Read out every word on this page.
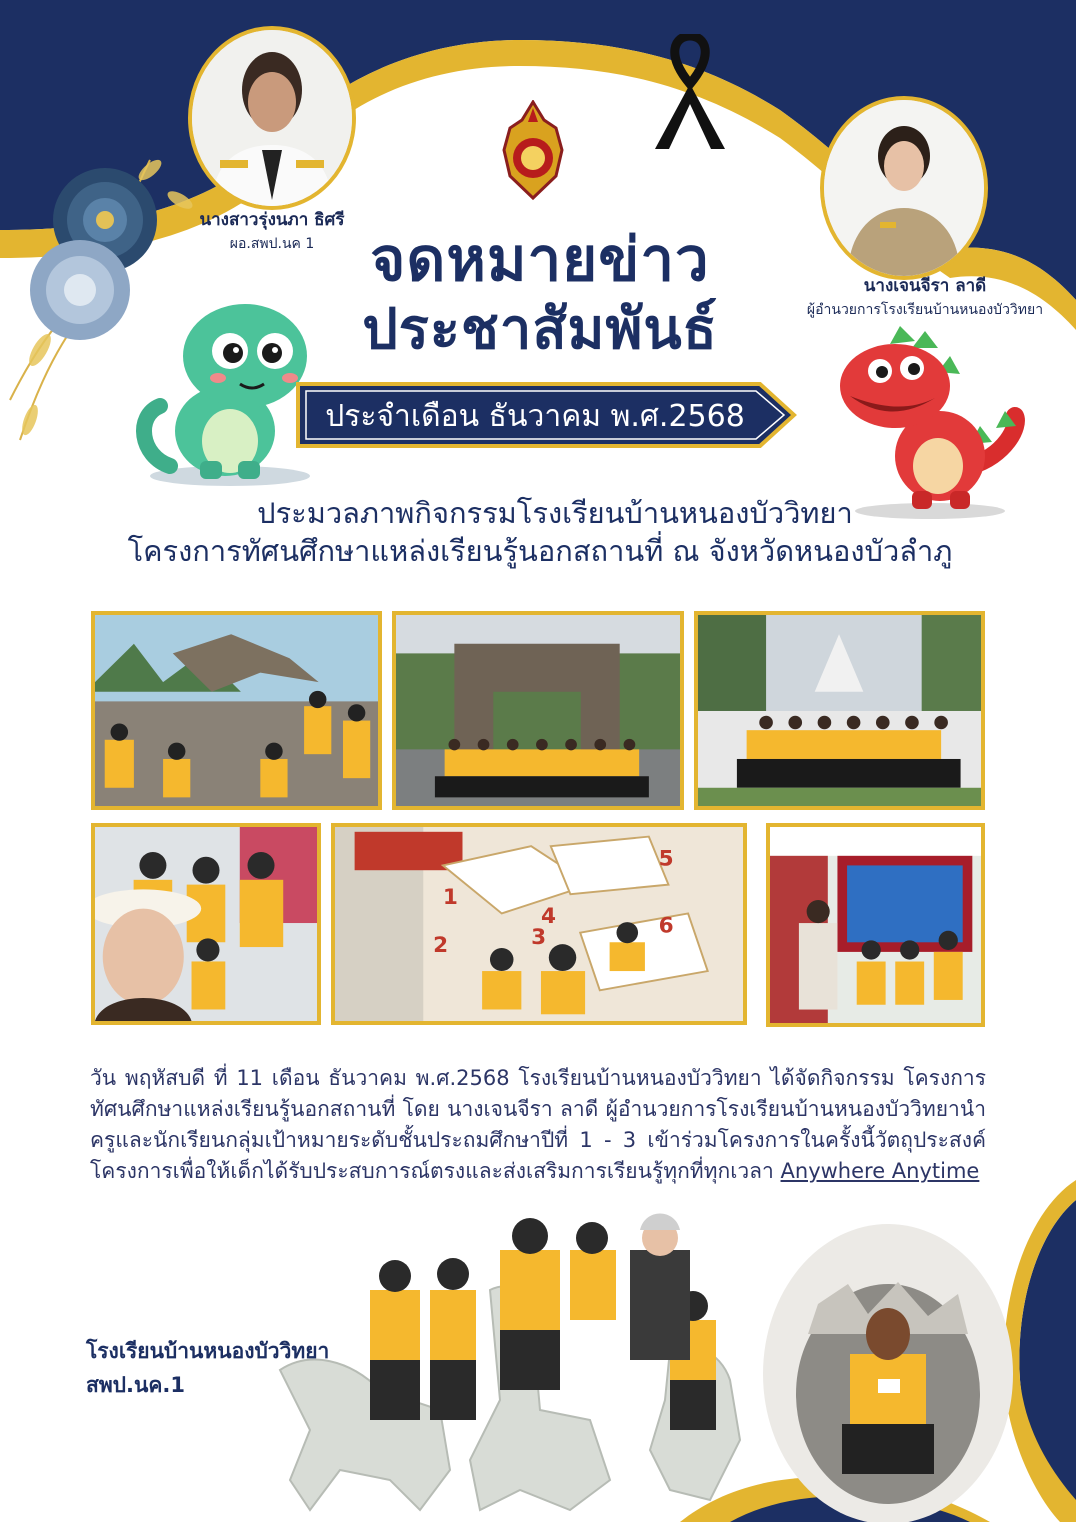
นางสาวรุ่งนภา ธิศรี
ผอ.สพป.นค 1
นางเจนจีรา ลาดี
ผู้อำนวยการโรงเรียนบ้านหนองบัววิทยา
จดหมายข่าว
ประชาสัมพันธ์
ประจำเดือน ธันวาคม พ.ศ.2568
ประมวลภาพกิจกรรมโรงเรียนบ้านหนองบัววิทยา
โครงการทัศนศึกษาแหล่งเรียนรู้นอกสถานที่ ณ จังหวัดหนองบัวลำภู
1
2	3
4
5
6
วัน พฤหัสบดี ที่ 11 เดือน ธันวาคม พ.ศ.2568 โรงเรียนบ้านหนองบัววิทยา ได้จัดกิจกรรม โครงการทัศนศึกษาแหล่งเรียนรู้นอกสถานที่ โดย นางเจนจีรา ลาดี ผู้อำนวยการโรงเรียนบ้านหนองบัววิทยานำครูและนักเรียนกลุ่มเป้าหมายระดับชั้นประถมศึกษาปีที่ 1 - 3 เข้าร่วมโครงการในครั้งนี้วัตถุประสงค์โครงการเพื่อให้เด็กได้รับประสบการณ์ตรงและส่งเสริมการเรียนรู้ทุกที่ทุกเวลา Anywhere Anytime
โรงเรียนบ้านหนองบัววิทยา
สพป.นค.1
